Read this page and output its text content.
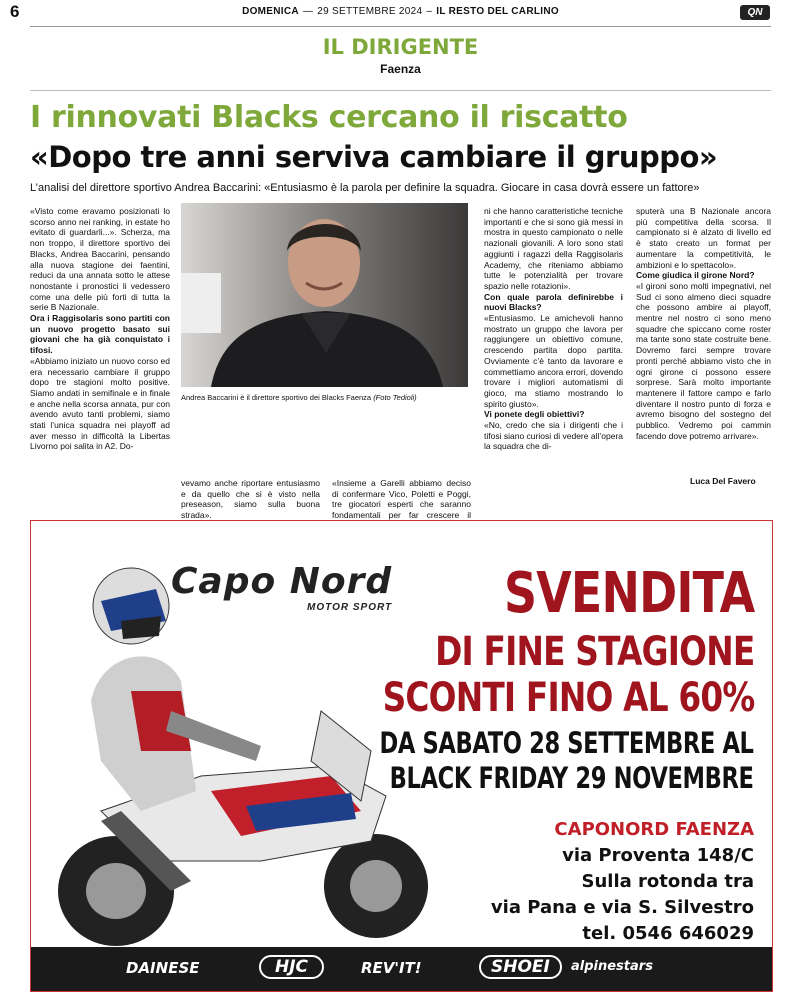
6	DOMENICA — 29 SETTEMBRE 2024 – IL RESTO DEL CARLINO	QN
IL DIRIGENTE
Faenza
I rinnovati Blacks cercano il riscatto
«Dopo tre anni serviva cambiare il gruppo»
L’analisi del direttore sportivo Andrea Baccarini: «Entusiasmo è la parola per definire la squadra. Giocare in casa dovrà essere un fattore»

«Visto come eravamo posizionati lo scorso anno nei ranking, in estate ho evitato di guardarli...». Scherza, ma non troppo, il direttore sportivo dei Blacks, Andrea Baccarini, pensando alla nuova stagione dei faentini, reduci da una annata sotto le attese nonostante i pronostici li vedessero come una delle più forti di tutta la serie B Nazionale.

Ora i Raggisolaris sono partiti con un nuovo progetto basato sui giovani che ha già conquistato i tifosi.

«Abbiamo iniziato un nuovo corso ed era necessario cambiare il gruppo dopo tre stagioni molto positive. Siamo andati in semifinale e in finale e anche nella scorsa annata, pur con avendo avuto tanti problemi, siamo stati l’unica squadra nei playoff ad aver messo in difficoltà la Libertas Livorno poi salita in A2. Do-

Andrea Baccarini è il direttore sportivo dei Blacks Faenza (Foto Tedioli)

vevamo anche riportare entusiasmo e da quello che si è visto nella preseason, siamo sulla buona strada».

«Insieme a Garelli abbiamo deciso di confermare Vico, Poletti e Poggi, tre giocatori esperti che saranno fondamentali per far crescere il

ni che hanno caratteristiche tecniche importanti e che si sono già messi in mostra in questo campionato o nelle nazionali giovanili. A loro sono stati aggiunti i ragazzi della Raggisolaris Academy, che riteniamo abbiamo tutte le potenzialità per trovare spazio nelle rotazioni».

Con quale parola definirebbe i nuovi Blacks?

«Entusiasmo. Le amichevoli hanno mostrato un gruppo che lavora per raggiungere un obiettivo comune, crescendo partita dopo partita. Ovviamente c’è tanto da lavorare e commettiamo ancora errori, dovendo trovare i migliori automatismi di gioco, ma stiamo mostrando lo spirito giusto».

Vi ponete degli obiettivi?

«No, credo che sia i dirigenti che i tifosi siano curiosi di vedere all’opera la squadra che di-

sputerà una B Nazionale ancora più competitiva della scorsa. Il campionato si è alzato di livello ed è stato creato un format per aumentare la competitività, le ambizioni e lo spettacolo».

Come giudica il girone Nord?

«I gironi sono molti impegnativi, nel Sud ci sono almeno dieci squadre che possono ambire ai playoff, mentre nel nostro ci sono meno squadre che spiccano come roster ma tante sono state costruite bene. Dovremo farci sempre trovare pronti perché abbiamo visto che in ogni girone ci possono essere sorprese. Sarà molto importante mantenere il fattore campo e farlo diventare il nostro punto di forza e avremo bisogno del sostegno del pubblico. Vedremo poi cammin facendo dove potremo arrivare».

Luca Del Favero
Capo Nord
MOTOR SPORT SVENDITA
DI FINE STAGIONE
SCONTI FINO AL 60%
DA SABATO 28 SETTEMBRE AL
BLACK FRIDAY 29 NOVEMBRE
CAPONORD FAENZA
via Proventa 148/C
Sulla rotonda tra
via Pana e via S. Silvestro
tel. 0546 646029
DAINESE	HJC	REV'IT!	SHOEI	alpinestars
